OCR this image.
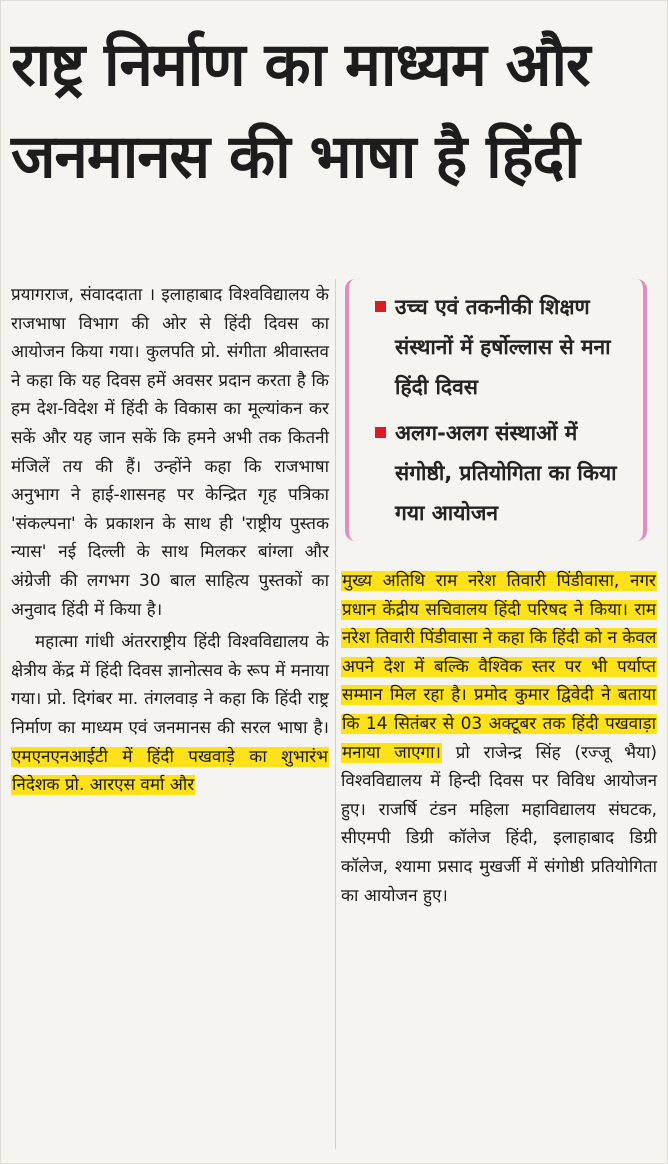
राष्ट्र निर्माण का माध्यम और
जनमानस की भाषा है हिंदी

प्रयागराज, संवाददाता । इलाहाबाद विश्वविद्यालय के राजभाषा विभाग की ओर से हिंदी दिवस का आयोजन किया गया। कुलपति प्रो. संगीता श्रीवास्तव ने कहा कि यह दिवस हमें अवसर प्रदान करता है कि हम देश-विदेश में हिंदी के विकास का मूल्यांकन कर सकें और यह जान सकें कि हमने अभी तक कितनी मंजिलें तय की हैं। उन्होंने कहा कि राजभाषा अनुभाग ने हाई-शासनह पर केन्द्रित गृह पत्रिका 'संकल्पना' के प्रकाशन के साथ ही 'राष्ट्रीय पुस्तक न्यास' नई दिल्ली के साथ मिलकर बांग्ला और अंग्रेजी की लगभग 30 बाल साहित्य पुस्तकों का अनुवाद हिंदी में किया है।

महात्मा गांधी अंतरराष्ट्रीय हिंदी विश्वविद्यालय के क्षेत्रीय केंद्र में हिंदी दिवस ज्ञानोत्सव के रूप में मनाया गया। प्रो. दिगंबर मा. तंगलवाड़ ने कहा कि हिंदी राष्ट्र निर्माण का माध्यम एवं जनमानस की सरल भाषा है। एमएनएनआईटी में हिंदी पखवाड़े का शुभारंभ निदेशक प्रो. आरएस वर्मा और

उच्च एवं तकनीकी शिक्षण संस्थानों में हर्षोल्लास से मना हिंदी दिवस
अलग-अलग संस्थाओं में संगोष्ठी, प्रतियोगिता का किया गया आयोजन

मुख्य अतिथि राम नरेश तिवारी पिंडीवासा, नगर प्रधान केंद्रीय सचिवालय हिंदी परिषद ने किया। राम नरेश तिवारी पिंडीवासा ने कहा कि हिंदी को न केवल अपने देश में बल्कि वैश्विक स्तर पर भी पर्याप्त सम्मान मिल रहा है। प्रमोद कुमार द्विवेदी ने बताया कि 14 सितंबर से 03 अक्टूबर तक हिंदी पखवाड़ा मनाया जाएगा। प्रो राजेन्द्र सिंह (रज्जू भैया) विश्वविद्यालय में हिन्दी दिवस पर विविध आयोजन हुए। राजर्षि टंडन महिला महाविद्यालय संघटक, सीएमपी डिग्री कॉलेज हिंदी, इलाहाबाद डिग्री कॉलेज, श्यामा प्रसाद मुखर्जी में संगोष्ठी प्रतियोगिता का आयोजन हुए।
